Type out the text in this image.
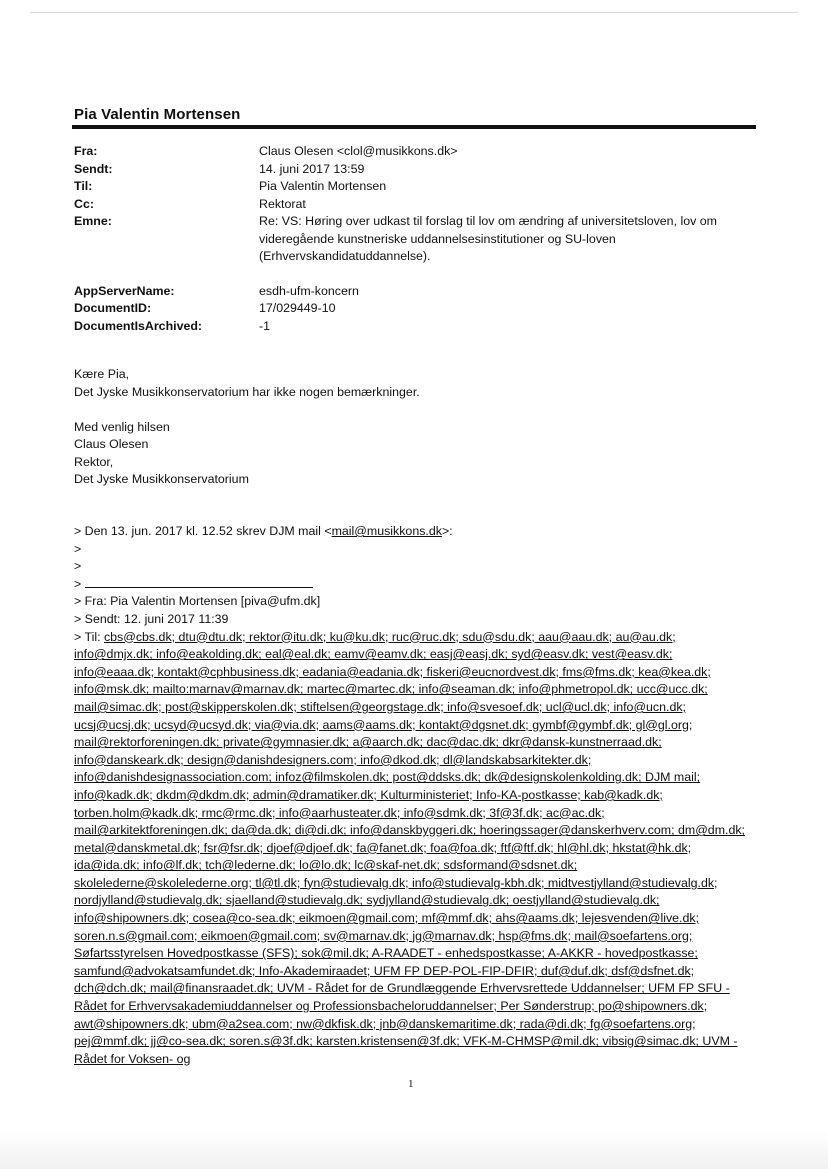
Pia Valentin Mortensen
Fra:	Claus Olesen <clol@musikkons.dk>
Sendt:	14. juni 2017 13:59
Til:	Pia Valentin Mortensen
Cc:	Rektorat
Emne:	Re: VS: Høring over udkast til forslag til lov om ændring af universitetsloven, lov om videregående kunstneriske uddannelsesinstitutioner og SU-loven (Erhvervskandidatuddannelse).
AppServerName:	esdh-ufm-koncern
DocumentID:	17/029449-10
DocumentIsArchived:	-1
Kære Pia,
Det Jyske Musikkonservatorium har ikke nogen bemærkninger.
Med venlig hilsen
Claus Olesen
Rektor,
Det Jyske Musikkonservatorium
> Den 13. jun. 2017 kl. 12.52 skrev DJM mail <mail@musikkons.dk>:
>
>
>
> Fra: Pia Valentin Mortensen [piva@ufm.dk]
> Sendt: 12. juni 2017 11:39
> Til: cbs@cbs.dk; dtu@dtu.dk; rektor@itu.dk; ku@ku.dk; ruc@ruc.dk; sdu@sdu.dk; aau@aau.dk; au@au.dk; info@dmjx.dk; info@eakolding.dk; eal@eal.dk; eamv@eamv.dk; easj@easj.dk; syd@easv.dk; vest@easv.dk; info@eaaa.dk; kontakt@cphbusiness.dk; eadania@eadania.dk; fiskeri@eucnordvest.dk; fms@fms.dk; kea@kea.dk; info@msk.dk; mailto:marnav@marnav.dk; martec@martec.dk; info@seaman.dk; info@phmetropol.dk; ucc@ucc.dk; mail@simac.dk; post@skipperskolen.dk; stiftelsen@georgstage.dk; info@svesoef.dk; ucl@ucl.dk; info@ucn.dk; ucsj@ucsj.dk; ucsyd@ucsyd.dk; via@via.dk; aams@aams.dk; kontakt@dgsnet.dk; gymbf@gymbf.dk; gl@gl.org; mail@rektorforeningen.dk; private@gymnasier.dk; a@aarch.dk; dac@dac.dk; dkr@dansk-kunstnerraad.dk; info@danskeark.dk; design@danishdesigners.com; info@dkod.dk; dl@landskabsarkitekter.dk; info@danishdesignassociation.com; infoz@filmskolen.dk; post@ddsks.dk; dk@designskolenkolding.dk; DJM mail; info@kadk.dk; dkdm@dkdm.dk; admin@dramatiker.dk; Kulturministeriet; Info-KA-postkasse; kab@kadk.dk; torben.holm@kadk.dk; rmc@rmc.dk; info@aarhusteater.dk; info@sdmk.dk; 3f@3f.dk; ac@ac.dk; mail@arkitektforeningen.dk; da@da.dk; di@di.dk; info@danskbyggeri.dk; hoeringssager@danskerhverv.com; dm@dm.dk; metal@danskmetal.dk; fsr@fsr.dk; djoef@djoef.dk; fa@fanet.dk; foa@foa.dk; ftf@ftf.dk; hl@hl.dk; hkstat@hk.dk; ida@ida.dk; info@lf.dk; tch@lederne.dk; lo@lo.dk; lc@skaf-net.dk; sdsformand@sdsnet.dk; skolelederne@skolelederne.org; tl@tl.dk; fyn@studievalg.dk; info@studievalg-kbh.dk; midtvestjylland@studievalg.dk; nordjylland@studievalg.dk; sjaelland@studievalg.dk; sydjylland@studievalg.dk; oestjylland@studievalg.dk; info@shipowners.dk; cosea@co-sea.dk; eikmoen@gmail.com; mf@mmf.dk; ahs@aams.dk; lejesvenden@live.dk; soren.n.s@gmail.com; eikmoen@gmail.com; sv@marnav.dk; jg@marnav.dk; hsp@fms.dk; mail@soefartens.org; Søfartsstyrelsen Hovedpostkasse (SFS); sok@mil.dk; A-RAADET - enhedspostkasse; A-AKKR - hovedpostkasse; samfund@advokatsamfundet.dk; Info-Akademiraadet; UFM FP DEP-POL-FIP-DFIR; duf@duf.dk; dsf@dsfnet.dk; dch@dch.dk; mail@finansraadet.dk; UVM - Rådet for de Grundlæggende Erhvervsrettede Uddannelser; UFM FP SFU - Rådet for Erhvervsakademiuddannelser og Professionsbacheloruddannelser; Per Sønderstrup; po@shipowners.dk; awt@shipowners.dk; ubm@a2sea.com; nw@dkfisk.dk; jnb@danskemaritime.dk; rada@di.dk; fg@soefartens.org; pej@mmf.dk; jj@co-sea.dk; soren.s@3f.dk; karsten.kristensen@3f.dk; VFK-M-CHMSP@mil.dk; vibsig@simac.dk; UVM - Rådet for Voksen- og
1
